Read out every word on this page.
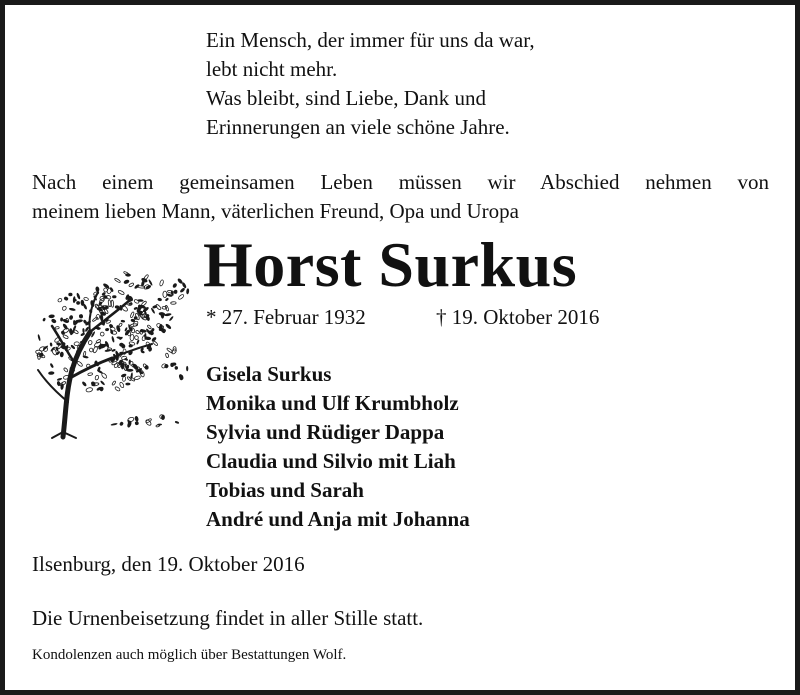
Ein Mensch, der immer für uns da war,
lebt nicht mehr.
Was bleibt, sind Liebe, Dank und
Erinnerungen an viele schöne Jahre.
Nach einem gemeinsamen Leben müssen wir Abschied nehmen von
meinem lieben Mann, väterlichen Freund, Opa und Uropa
Horst Surkus
* 27. Februar 1932	† 19. Oktober 2016
Gisela Surkus
Monika und Ulf Krumbholz
Sylvia und Rüdiger Dappa
Claudia und Silvio mit Liah
Tobias und Sarah
André und Anja mit Johanna
Ilsenburg, den 19. Oktober 2016
Die Urnenbeisetzung findet in aller Stille statt.
Kondolenzen auch möglich über Bestattungen Wolf.
